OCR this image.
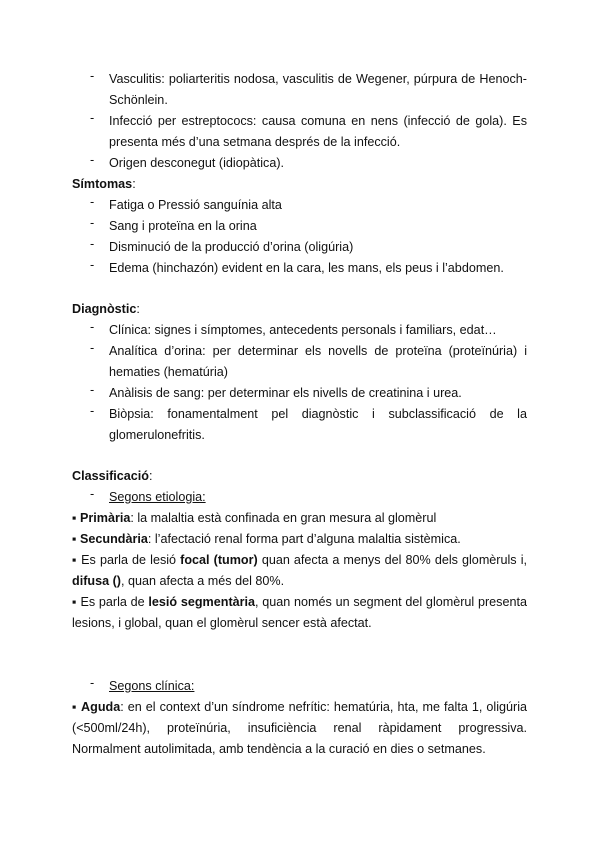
- Vasculitis: poliarteritis nodosa, vasculitis de Wegener, púrpura de Henoch-Schönlein.
- Infecció per estreptococs: causa comuna en nens (infecció de gola). Es presenta més d’una setmana després de la infecció.
- Origen desconegut (idiopàtica).
Símtomas:
- Fatiga o Pressió sanguínia alta
- Sang i proteïna en la orina
- Disminució de la producció d’orina (oligúria)
- Edema (hinchazón) evident en la cara, les mans, els peus i l’abdomen.
Diagnòstic:
- Clínica: signes i símptomes, antecedents personals i familiars, edat…
- Analítica d’orina: per determinar els novells de proteïna (proteïnúria) i hematies (hematúria)
- Anàlisis de sang: per determinar els nivells de creatinina i urea.
- Biòpsia: fonamentalment pel diagnòstic i subclassificació de la glomerulonefritis.
Classificació:
- Segons etiologia:
▪ Primària: la malaltia està confinada en gran mesura al glomèrul
▪ Secundària: l’afectació renal forma part d’alguna malaltia sistèmica.
▪ Es parla de lesió focal (tumor) quan afecta a menys del 80% dels glomèruls i, difusa (), quan afecta a més del 80%.
▪ Es parla de lesió segmentària, quan només un segment del glomèrul presenta lesions, i global, quan el glomèrul sencer està afectat.
- Segons clínica:
▪ Aguda: en el context d’un síndrome nefrític: hematúria, hta, me falta 1, oligúria (<500ml/24h), proteïnúria, insuficiència renal ràpidament progressiva. Normalment autolimitada, amb tendència a la curació en dies o setmanes.
